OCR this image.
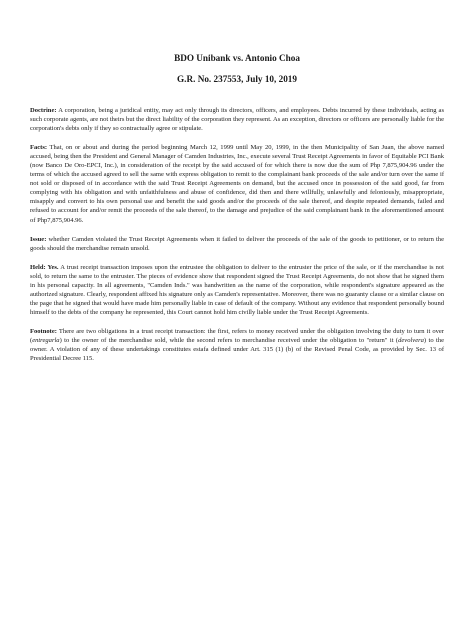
BDO Unibank vs. Antonio Choa

G.R. No. 237553, July 10, 2019

Doctrine: A corporation, being a juridical entity, may act only through its directors, officers, and employees. Debts incurred by these individuals, acting as such corporate agents, are not theirs but the direct liability of the corporation they represent. As an exception, directors or officers are personally liable for the corporation's debts only if they so contractually agree or stipulate.

Facts: That, on or about and during the period beginning March 12, 1999 until May 20, 1999, in the then Municipality of San Juan, the above named accused, being then the President and General Manager of Camden Industries, Inc., execute several Trust Receipt Agreements in favor of Equitable PCI Bank (now Banco De Oro-EPCI, Inc.), in consideration of the receipt by the said accused of for which there is now due the sum of Php 7,875,904.96 under the terms of which the accused agreed to sell the same with express obligation to remit to the complainant bank proceeds of the sale and/or turn over the same if not sold or disposed of in accordance with the said Trust Receipt Agreements on demand, but the accused once in possession of the said good, far from complying with his obligation and with unfaithfulness and abuse of confidence, did then and there willfully, unlawfully and feloniously, misappropriate, misapply and convert to his own personal use and benefit the said goods and/or the proceeds of the sale thereof, and despite repeated demands, failed and refused to account for and/or remit the proceeds of the sale thereof, to the damage and prejudice of the said complainant bank in the aforementioned amount of Php7,875,904.96.

Issue: whether Camden violated the Trust Receipt Agreements when it failed to deliver the proceeds of the sale of the goods to petitioner, or to return the goods should the merchandise remain unsold.

Held: Yes. A trust receipt transaction imposes upon the entrustee the obligation to deliver to the entruster the price of the sale, or if the merchandise is not sold, to return the same to the entruster. The pieces of evidence show that respondent signed the Trust Receipt Agreements, do not show that he signed them in his personal capacity. In all agreements, "Camden Inds." was handwritten as the name of the corporation, while respondent's signature appeared as the authorized signature. Clearly, respondent affixed his signature only as Camden's representative. Moreover, there was no guaranty clause or a similar clause on the page that he signed that would have made him personally liable in case of default of the company. Without any evidence that respondent personally bound himself to the debts of the company he represented, this Court cannot hold him civilly liable under the Trust Receipt Agreements.

Footnote: There are two obligations in a trust receipt transaction: the first, refers to money received under the obligation involving the duty to turn it over (entregarla) to the owner of the merchandise sold, while the second refers to merchandise received under the obligation to "return" it (devolvera) to the owner. A violation of any of these undertakings constitutes estafa defined under Art. 315 (1) (b) of the Revised Penal Code, as provided by Sec. 13 of Presidential Decree 115.
